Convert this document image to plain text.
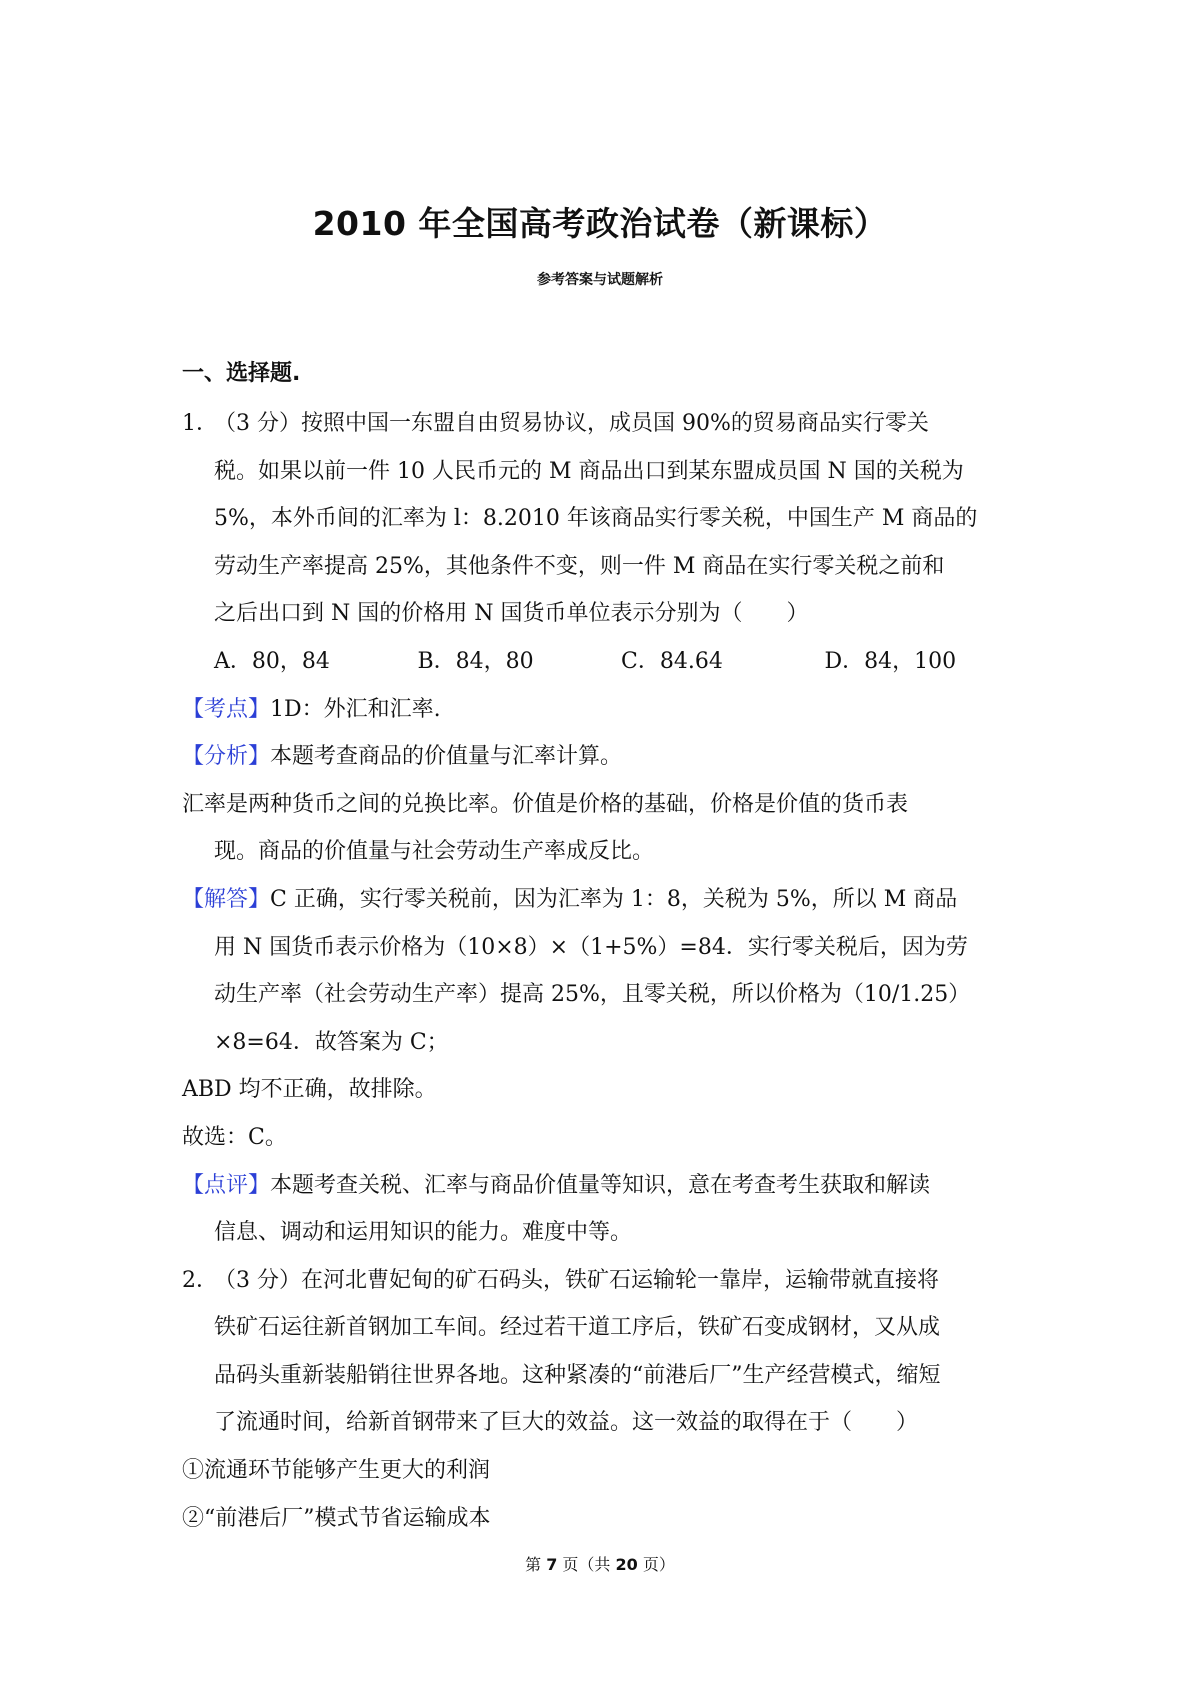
2010 年全国高考政治试卷（新课标）
参考答案与试题解析
一、选择题.
1．（3 分）按照中国一东盟自由贸易协议，成员国 90%的贸易商品实行零关
税。如果以前一件 10 人民币元的 M 商品出口到某东盟成员国 N 国的关税为
5%，本外币间的汇率为 l：8.2010 年该商品实行零关税，中国生产 M 商品的
劳动生产率提高 25%，其他条件不变，则一件 M 商品在实行零关税之前和
之后出口到 N 国的价格用 N 国货币单位表示分别为（　　）
A．80，84	B．84，80	C．84.64	D．84，100
【考点】1D：外汇和汇率.
【分析】本题考查商品的价值量与汇率计算。
汇率是两种货币之间的兑换比率。价值是价格的基础，价格是价值的货币表
现。商品的价值量与社会劳动生产率成反比。
【解答】C 正确，实行零关税前，因为汇率为 1：8，关税为 5%，所以 M 商品
用 N 国货币表示价格为（10×8）×（1+5%）=84．实行零关税后，因为劳
动生产率（社会劳动生产率）提高 25%，且零关税，所以价格为（10/1.25）
×8=64．故答案为 C；
ABD 均不正确，故排除。
故选：C。
【点评】本题考查关税、汇率与商品价值量等知识，意在考查考生获取和解读
信息、调动和运用知识的能力。难度中等。
2．（3 分）在河北曹妃甸的矿石码头，铁矿石运输轮一靠岸，运输带就直接将
铁矿石运往新首钢加工车间。经过若干道工序后，铁矿石变成钢材，又从成
品码头重新装船销往世界各地。这种紧凑的“前港后厂”生产经营模式，缩短
了流通时间，给新首钢带来了巨大的效益。这一效益的取得在于（　　）
①流通环节能够产生更大的利润
②“前港后厂”模式节省运输成本
第 7 页（共 20 页）
